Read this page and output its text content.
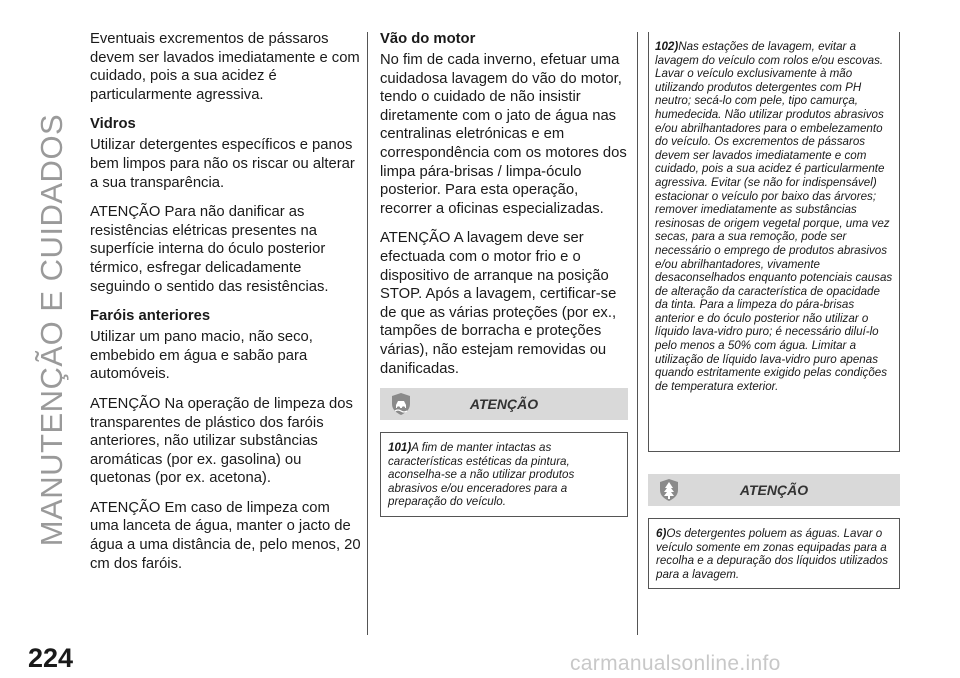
MANUTENÇÃO E CUIDADOS
224

Eventuais excrementos de pássaros devem ser lavados imediatamente e com cuidado, pois a sua acidez é particularmente agressiva.

Vidros

Utilizar detergentes específicos e panos bem limpos para não os riscar ou alterar a sua transparência.

ATENÇÃO Para não danificar as resistências elétricas presentes na superfície interna do óculo posterior térmico, esfregar delicadamente seguindo o sentido das resistências.

Faróis anteriores

Utilizar um pano macio, não seco, embebido em água e sabão para automóveis.

ATENÇÃO Na operação de limpeza dos transparentes de plástico dos faróis anteriores, não utilizar substâncias aromáticas (por ex. gasolina) ou quetonas (por ex. acetona).

ATENÇÃO Em caso de limpeza com uma lanceta de água, manter o jacto de água a uma distância de, pelo menos, 20 cm dos faróis.

Vão do motor

No fim de cada inverno, efetuar uma cuidadosa lavagem do vão do motor, tendo o cuidado de não insistir diretamente com o jato de água nas centralinas eletrónicas e em correspondência com os motores dos limpa pára-brisas / limpa-óculo posterior. Para esta operação, recorrer a oficinas especializadas.

ATENÇÃO A lavagem deve ser efectuada com o motor frio e o dispositivo de arranque na posição STOP. Após a lavagem, certificar-se de que as várias proteções (por ex., tampões de borracha e proteções várias), não estejam removidas ou danificadas.

ATENÇÃO
101)A fim de manter intactas as características estéticas da pintura, aconselha-se a não utilizar produtos abrasivos e/ou enceradores para a preparação do veículo.
102)Nas estações de lavagem, evitar a lavagem do veículo com rolos e/ou escovas. Lavar o veículo exclusivamente à mão utilizando produtos detergentes com PH neutro; secá-lo com pele, tipo camurça, humedecida. Não utilizar produtos abrasivos e/ou abrilhantadores para o embelezamento do veículo. Os excrementos de pássaros devem ser lavados imediatamente e com cuidado, pois a sua acidez é particularmente agressiva. Evitar (se não for indispensável) estacionar o veículo por baixo das árvores; remover imediatamente as substâncias resinosas de origem vegetal porque, uma vez secas, para a sua remoção, pode ser necessário o emprego de produtos abrasivos e/ou abrilhantadores, vivamente desaconselhados enquanto potenciais causas de alteração da característica de opacidade da tinta. Para a limpeza do pára-brisas anterior e do óculo posterior não utilizar o líquido lava-vidro puro; é necessário diluí-lo pelo menos a 50% com água. Limitar a utilização de líquido lava-vidro puro apenas quando estritamente exigido pelas condições de temperatura exterior.
ATENÇÃO
6)Os detergentes poluem as águas. Lavar o veículo somente em zonas equipadas para a recolha e a depuração dos líquidos utilizados para a lavagem.
carmanualsonline.info
